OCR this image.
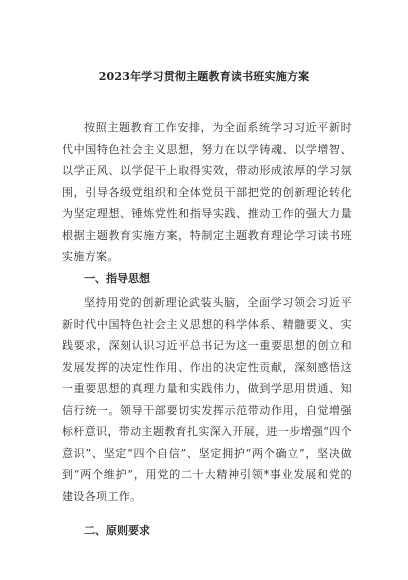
2023年学习贯彻主题教育读书班实施方案

按照主题教育工作安排，为全面系统学习习近平新时代中国特色社会主义思想，努力在以学铸魂、以学增智、以学正风、以学促干上取得实效，带动形成浓厚的学习氛围，引导各级党组织和全体党员干部把党的创新理论转化为坚定理想、锤炼党性和指导实践、推动工作的强大力量根据主题教育实施方案，特制定主题教育理论学习读书班实施方案。

一、指导思想

坚持用党的创新理论武装头脑，全面学习领会习近平新时代中国特色社会主义思想的科学体系、精髓要义、实践要求，深刻认识习近平总书记为这一重要思想的创立和发展发挥的决定性作用、作出的决定性贡献，深刻感悟这一重要思想的真理力量和实践伟力，做到学思用贯通、知信行统一。领导干部要切实发挥示范带动作用，自觉增强标杆意识，带动主题教育扎实深入开展，进一步增强“四个意识”、坚定“四个自信”、坚定拥护“两个确立”，坚决做到“两个维护”，用党的二十大精神引领*事业发展和党的建设各项工作。

二、原则要求
